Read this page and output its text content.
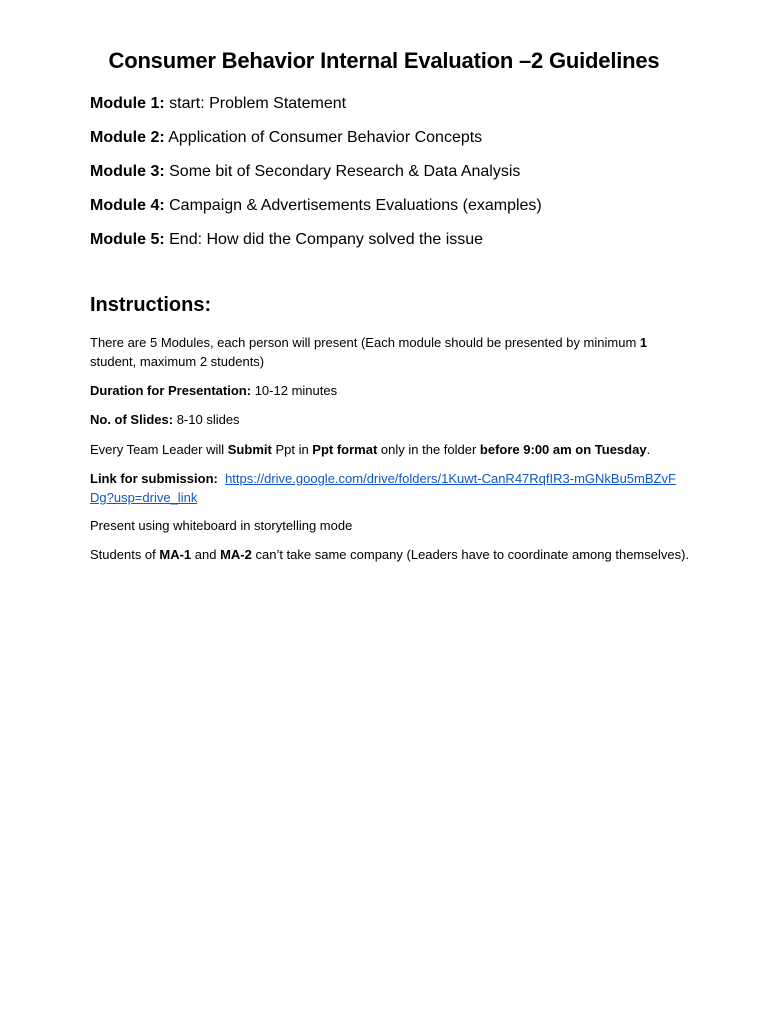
Consumer Behavior Internal Evaluation –2 Guidelines
Module 1: start: Problem Statement
Module 2: Application of Consumer Behavior Concepts
Module 3: Some bit of Secondary Research & Data Analysis
Module 4: Campaign & Advertisements Evaluations (examples)
Module 5: End: How did the Company solved the issue
Instructions:

There are 5 Modules, each person will present (Each module should be presented by minimum 1 student, maximum 2 students)

Duration for Presentation: 10-12 minutes

No. of Slides: 8-10 slides

Every Team Leader will Submit Ppt in Ppt format only in the folder before 9:00 am on Tuesday.

Link for submission: https://drive.google.com/drive/folders/1Kuwt-CanR47RqfIR3-mGNkBu5mBZvFDg?usp=drive_link

Present using whiteboard in storytelling mode

Students of MA-1 and MA-2 can’t take same company (Leaders have to coordinate among themselves).
